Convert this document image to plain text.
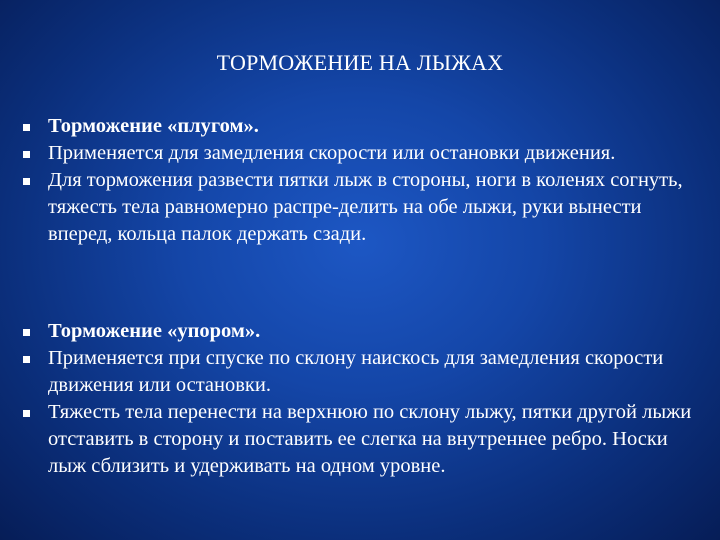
ТОРМОЖЕНИЕ НА ЛЫЖАХ
Торможение «плугом».
Применяется для замедления скорости или остановки движения.
Для торможения развести пятки лыж в стороны, ноги в коленях согнуть, тяжесть тела равномерно распре-делить на обе лыжи, руки вынести вперед, кольца палок держать сзади.
Торможение «упором».
Применяется при спуске по склону наискось для замедления скорости движения или остановки.
Тяжесть тела перенести на верхнюю по склону лыжу, пятки другой лыжи отставить в сторону и поставить ее слегка на внутреннее ребро. Носки лыж сблизить и удерживать на одном уровне.
